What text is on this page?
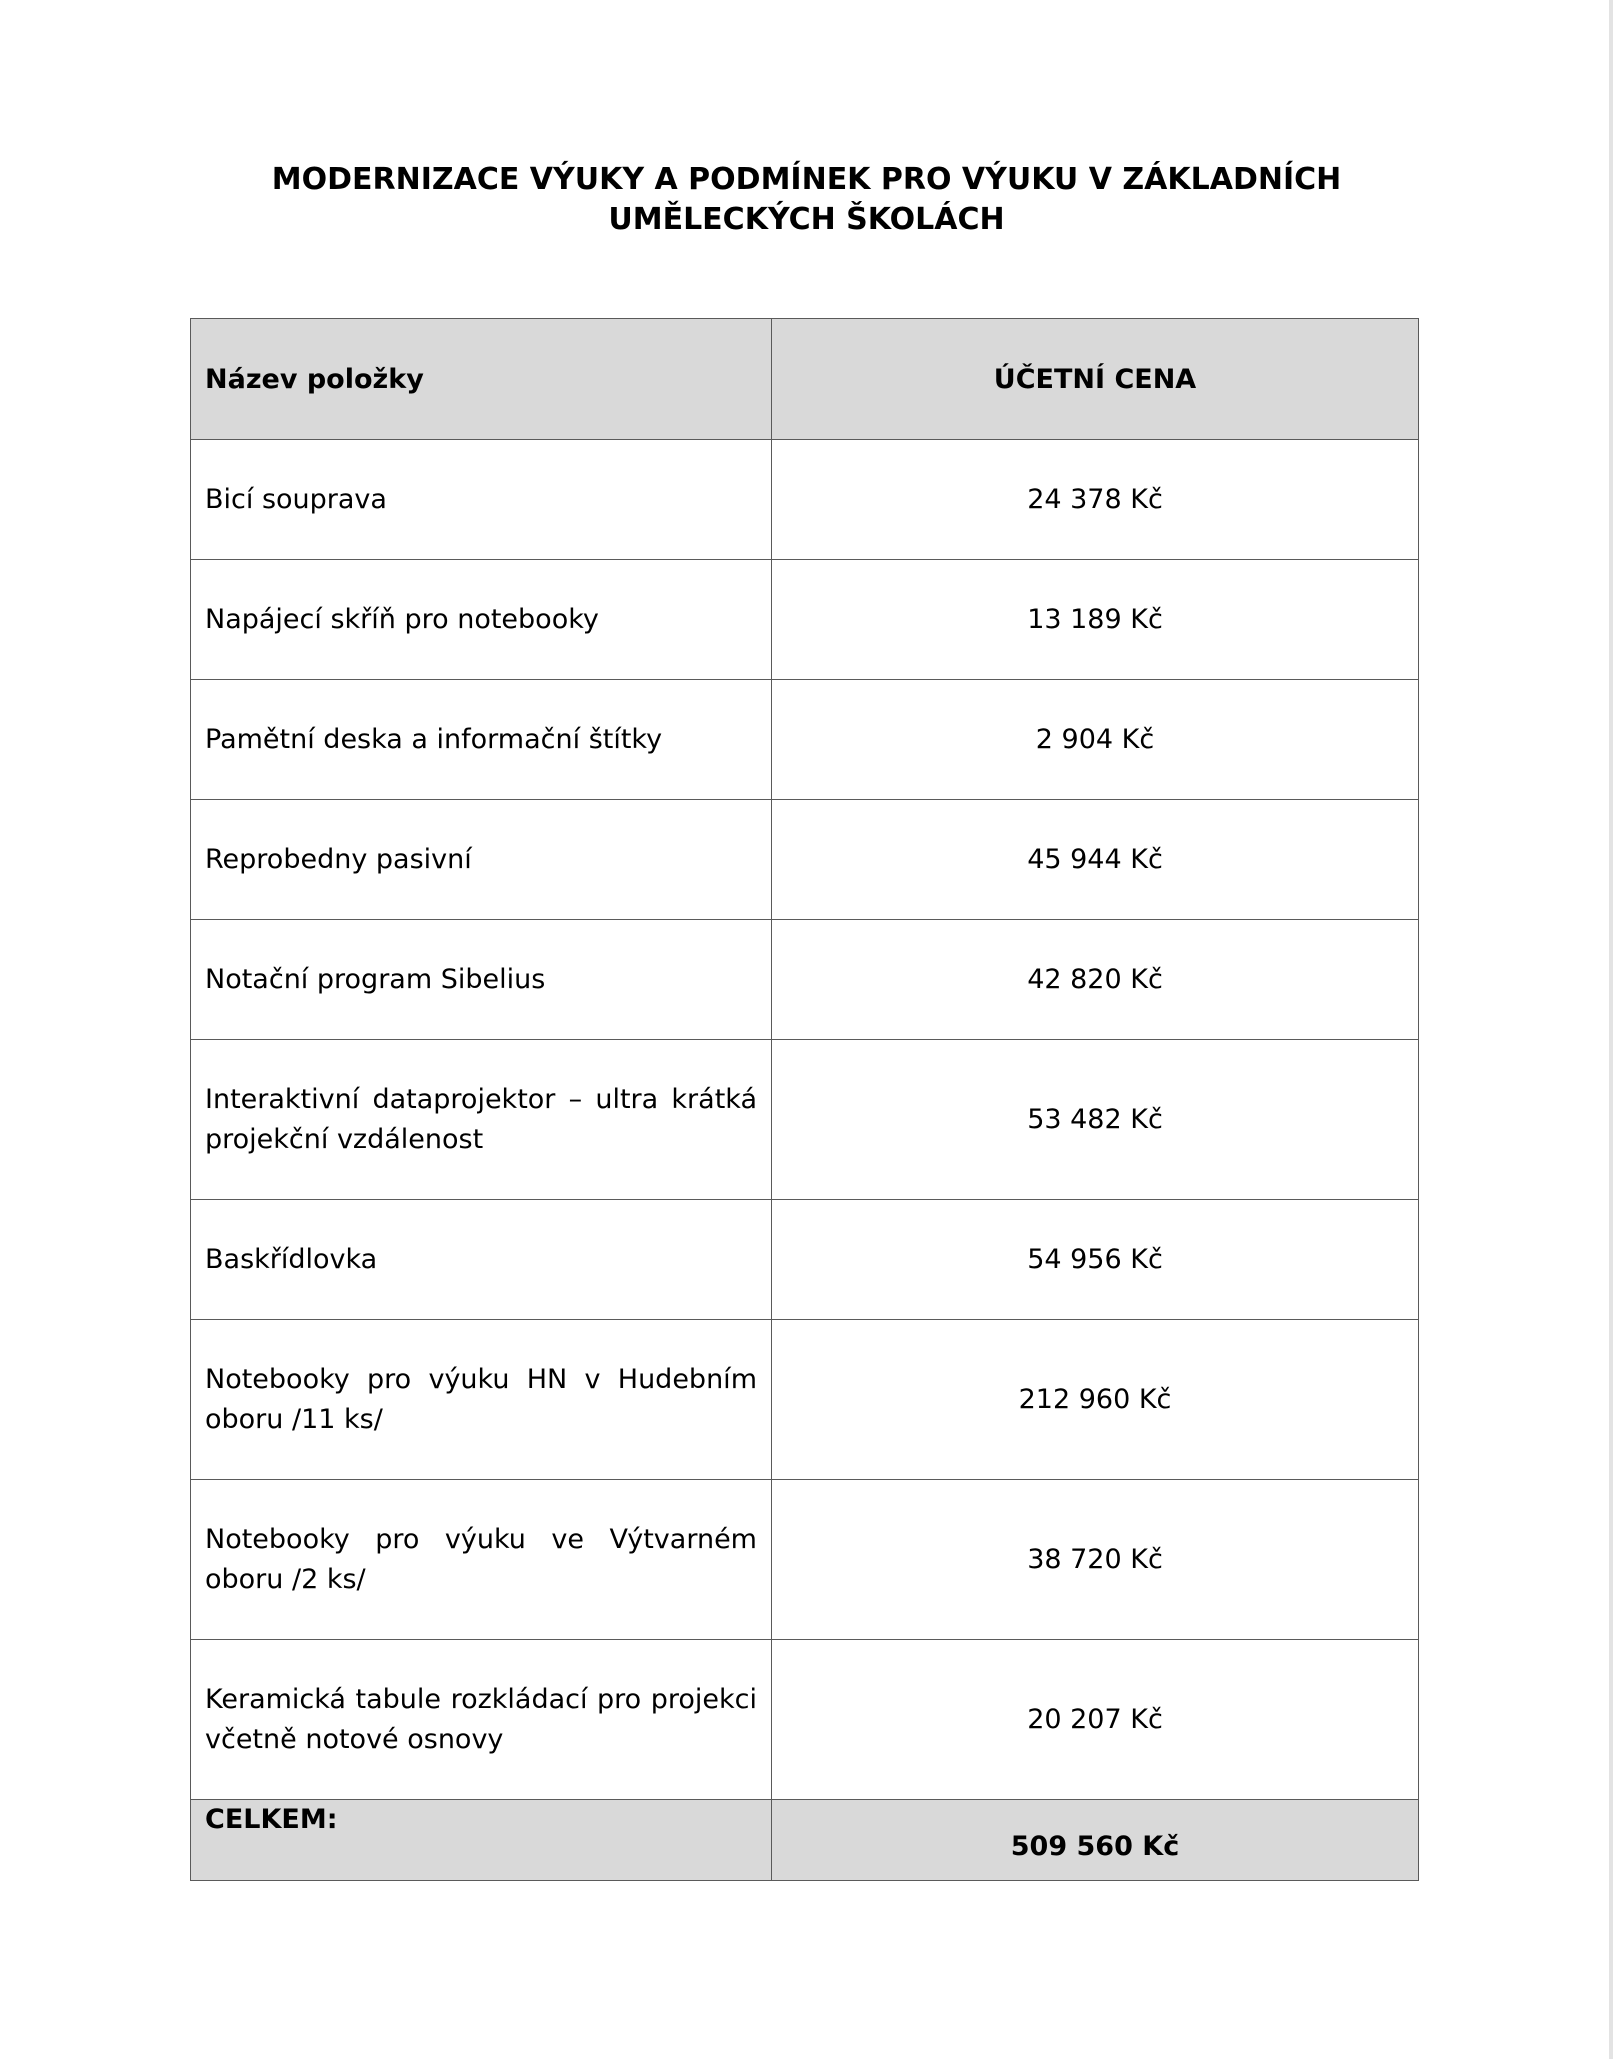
MODERNIZACE VÝUKY A PODMÍNEK PRO VÝUKU V ZÁKLADNÍCH
UMĚLECKÝCH ŠKOLÁCH
Název položky	ÚČETNÍ CENA
Bicí souprava	24 378 Kč
Napájecí skříň pro notebooky	13 189 Kč
Pamětní deska a informační štítky	2 904 Kč
Reprobedny pasivní	45 944 Kč
Notační program Sibelius	42 820 Kč
Interaktivní dataprojektor – ultra krátká projekční vzdálenost	53 482 Kč
Baskřídlovka	54 956 Kč
Notebooky pro výuku HN v Hudebním oboru /11 ks/	212 960 Kč
Notebooky pro výuku ve Výtvarném oboru /2 ks/	38 720 Kč
Keramická tabule rozkládací pro projekci včetně notové osnovy	20 207 Kč
CELKEM:	509 560 Kč
